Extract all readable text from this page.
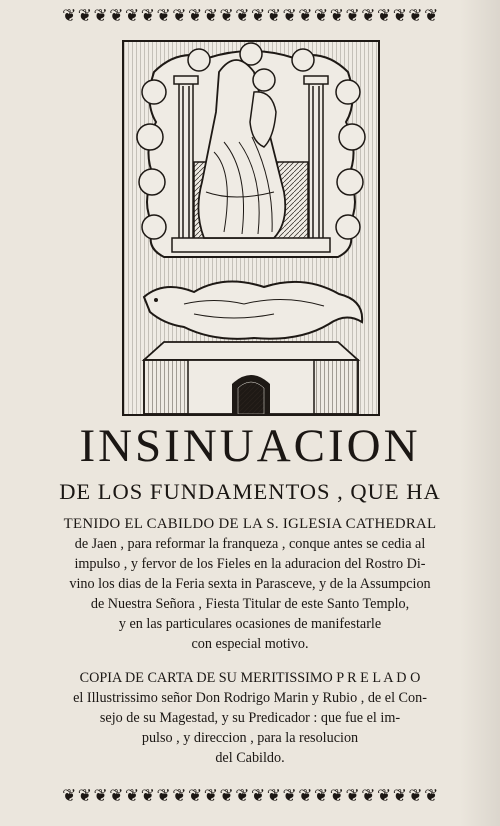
❦❦❦❦❦❦❦❦❦❦❦❦❦❦❦❦❦❦❦❦❦❦❦❦
INSINUACION
DE LOS FUNDAMENTOS , QUE HA

TENIDO EL CABILDO DE LA S. IGLESIA CATHEDRAL

de Jaen , para reformar la franqueza , conque antes se cedia al
impulso , y fervor de los Fieles en la aduracion del Rostro Di-
vino los dias de la Feria sexta in Parasceve, y de la Assumpcion
de Nuestra Señora , Fiesta Titular de este Santo Templo,
y en las particulares ocasiones de manifestarle
con especial motivo.
COPIA DE CARTA DE SU MERITISSIMO P R E L A D O
el Illustrissimo señor Don Rodrigo Marin y Rubio , de el Con-
sejo de su Magestad, y su Predicador : que fue el im-
pulso , y direccion , para la resolucion
del Cabildo.
❦❦❦❦❦❦❦❦❦❦❦❦❦❦❦❦❦❦❦❦❦❦❦❦
